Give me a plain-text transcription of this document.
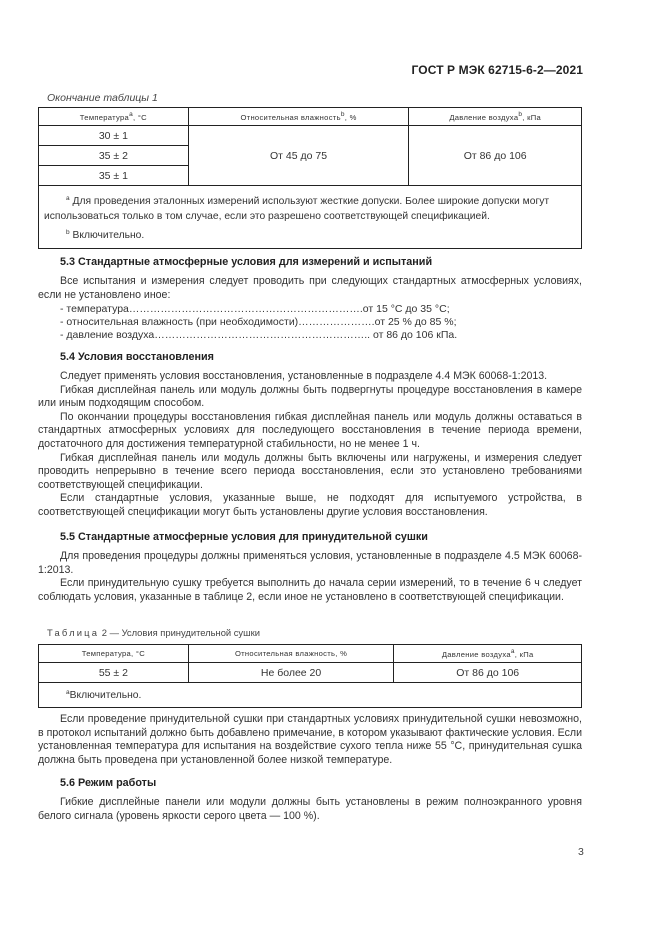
ГОСТ Р МЭК 62715-6-2—2021
Окончание таблицы 1
Температура$^a$, °C	Относительная влажность$^b$, %	Давление воздуха$^b$, кПа
30 ± 1	От 45 до 75	От 86 до 106
35 ± 2		
35 ± 1		

$^a$ Для проведения эталонных измерений используют жесткие допуски. Более широкие допуски могут использоваться только в том случае, если это разрешено соответствующей спецификацией.
$^b$ Включительно.		
5.3 Стандартные атмосферные условия для измерений и испытаний

Все испытания и измерения следует проводить при следующих стандартных атмосферных условиях, если не установлено иное:

- температура………………………………………………………….от 15 °С до 35 °С;
- относительная влажность (при необходимости)………………….от 25 % до 85 %;
- давление воздуха…………………………………………………….. от 86 до 106 кПа.
5.4 Условия восстановления

Следует применять условия восстановления, установленные в подразделе 4.4 МЭК 60068-1:2013.

Гибкая дисплейная панель или модуль должны быть подвергнуты процедуре восстановления в камере или иным подходящим способом.

По окончании процедуры восстановления гибкая дисплейная панель или модуль должны оставаться в стандартных атмосферных условиях для последующего восстановления в течение периода времени, достаточного для достижения температурной стабильности, но не менее 1 ч.

Гибкая дисплейная панель или модуль должны быть включены или нагружены, и измерения следует проводить непрерывно в течение всего периода восстановления, если это установлено требованиями соответствующей спецификации.

Если стандартные условия, указанные выше, не подходят для испытуемого устройства, в соответствующей спецификации могут быть установлены другие условия восстановления.

5.5 Стандартные атмосферные условия для принудительной сушки

Для проведения процедуры должны применяться условия, установленные в подразделе 4.5 МЭК 60068-1:2013.

Если принудительную сушку требуется выполнить до начала серии измерений, то в течение 6 ч следует соблюдать условия, указанные в таблице 2, если иное не установлено в соответствующей спецификации.

Таблица 2 — Условия принудительной сушки
Температура, °C	Относительная влажность, %	Давление воздуха$^a$, кПа
55 ± 2	Не более 20	От 86 до 106
$^a$Включительно.		

Если проведение принудительной сушки при стандартных условиях принудительной сушки невозможно, в протокол испытаний должно быть добавлено примечание, в котором указывают фактические условия. Если установленная температура для испытания на воздействие сухого тепла ниже 55 °С, принудительная сушка должна быть проведена при установленной более низкой температуре.

5.6 Режим работы

Гибкие дисплейные панели или модули должны быть установлены в режим полноэкранного уровня белого сигнала (уровень яркости серого цвета — 100 %).

3
